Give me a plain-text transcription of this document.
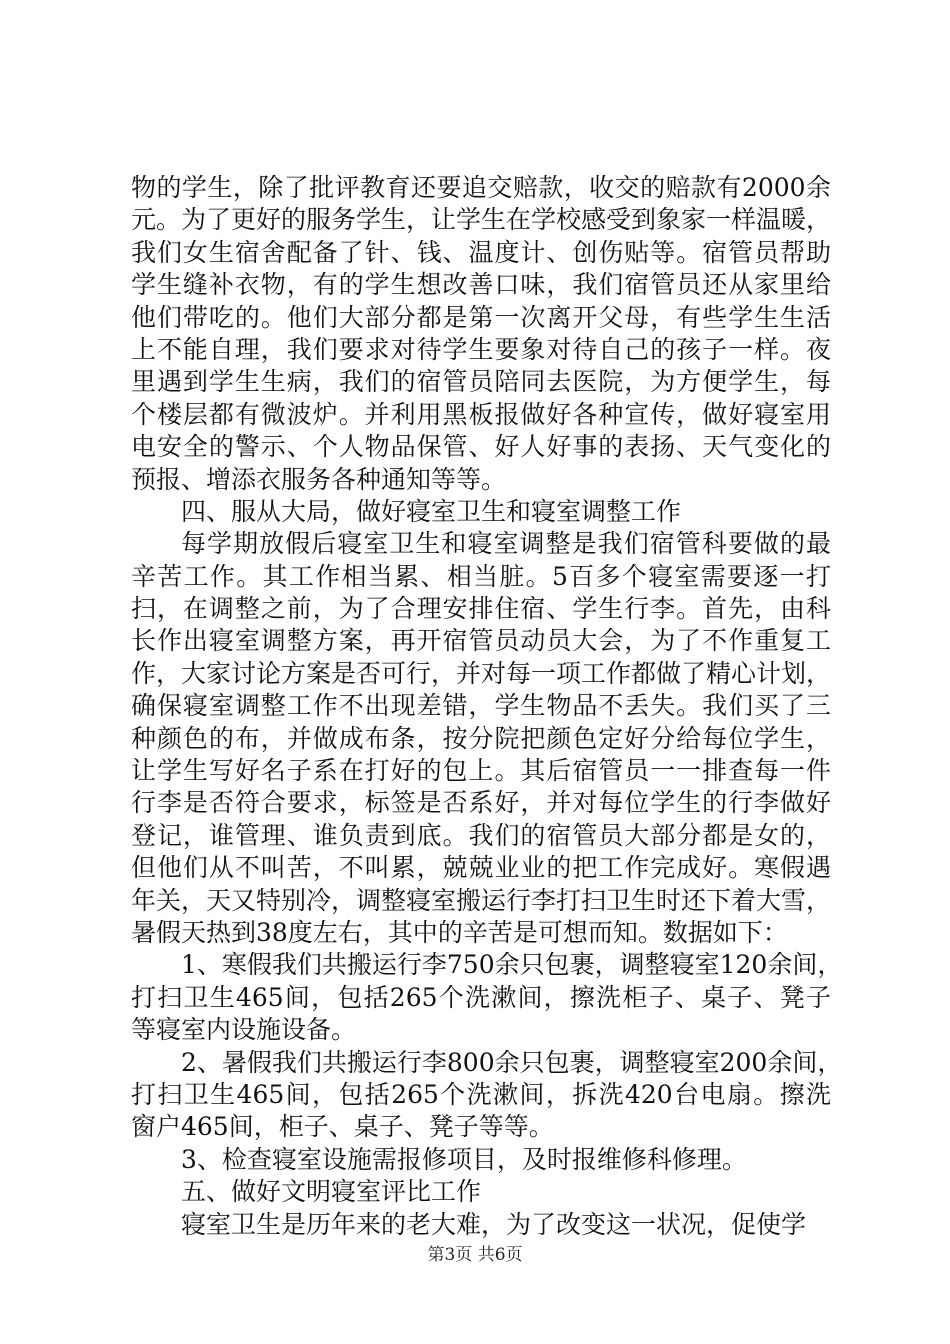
物的学生，除了批评教育还要追交赔款，收交的赔款有2000余
元。为了更好的服务学生，让学生在学校感受到象家一样温暖，
我们女生宿舍配备了针、钱、温度计、创伤贴等。宿管员帮助
学生缝补衣物，有的学生想改善口味，我们宿管员还从家里给
他们带吃的。他们大部分都是第一次离开父母，有些学生生活
上不能自理，我们要求对待学生要象对待自己的孩子一样。夜
里遇到学生生病，我们的宿管员陪同去医院，为方便学生，每
个楼层都有微波炉。并利用黑板报做好各种宣传，做好寝室用
电安全的警示、个人物品保管、好人好事的表扬、天气变化的
预报、增添衣服务各种通知等等。
四、服从大局，做好寝室卫生和寝室调整工作
每学期放假后寝室卫生和寝室调整是我们宿管科要做的最
辛苦工作。其工作相当累、相当脏。5百多个寝室需要逐一打
扫，在调整之前，为了合理安排住宿、学生行李。首先，由科
长作出寝室调整方案，再开宿管员动员大会，为了不作重复工
作，大家讨论方案是否可行，并对每一项工作都做了精心计划，
确保寝室调整工作不出现差错，学生物品不丢失。我们买了三
种颜色的布，并做成布条，按分院把颜色定好分给每位学生，
让学生写好名子系在打好的包上。其后宿管员一一排查每一件
行李是否符合要求，标签是否系好，并对每位学生的行李做好
登记，谁管理、谁负责到底。我们的宿管员大部分都是女的，
但他们从不叫苦，不叫累，兢兢业业的把工作完成好。寒假遇
年关，天又特别冷，调整寝室搬运行李打扫卫生时还下着大雪，
暑假天热到38度左右，其中的辛苦是可想而知。数据如下：
1、寒假我们共搬运行李750余只包裹，调整寝室120余间，
打扫卫生465间，包括265个洗漱间，擦洗柜子、桌子、凳子
等寝室内设施设备。
2、暑假我们共搬运行李800余只包裹，调整寝室200余间，
打扫卫生465间，包括265个洗漱间，拆洗420台电扇。擦洗
窗户465间，柜子、桌子、凳子等等。
3、检查寝室设施需报修项目，及时报维修科修理。
五、做好文明寝室评比工作
寝室卫生是历年来的老大难，为了改变这一状况，促使学
第3页 共6页
